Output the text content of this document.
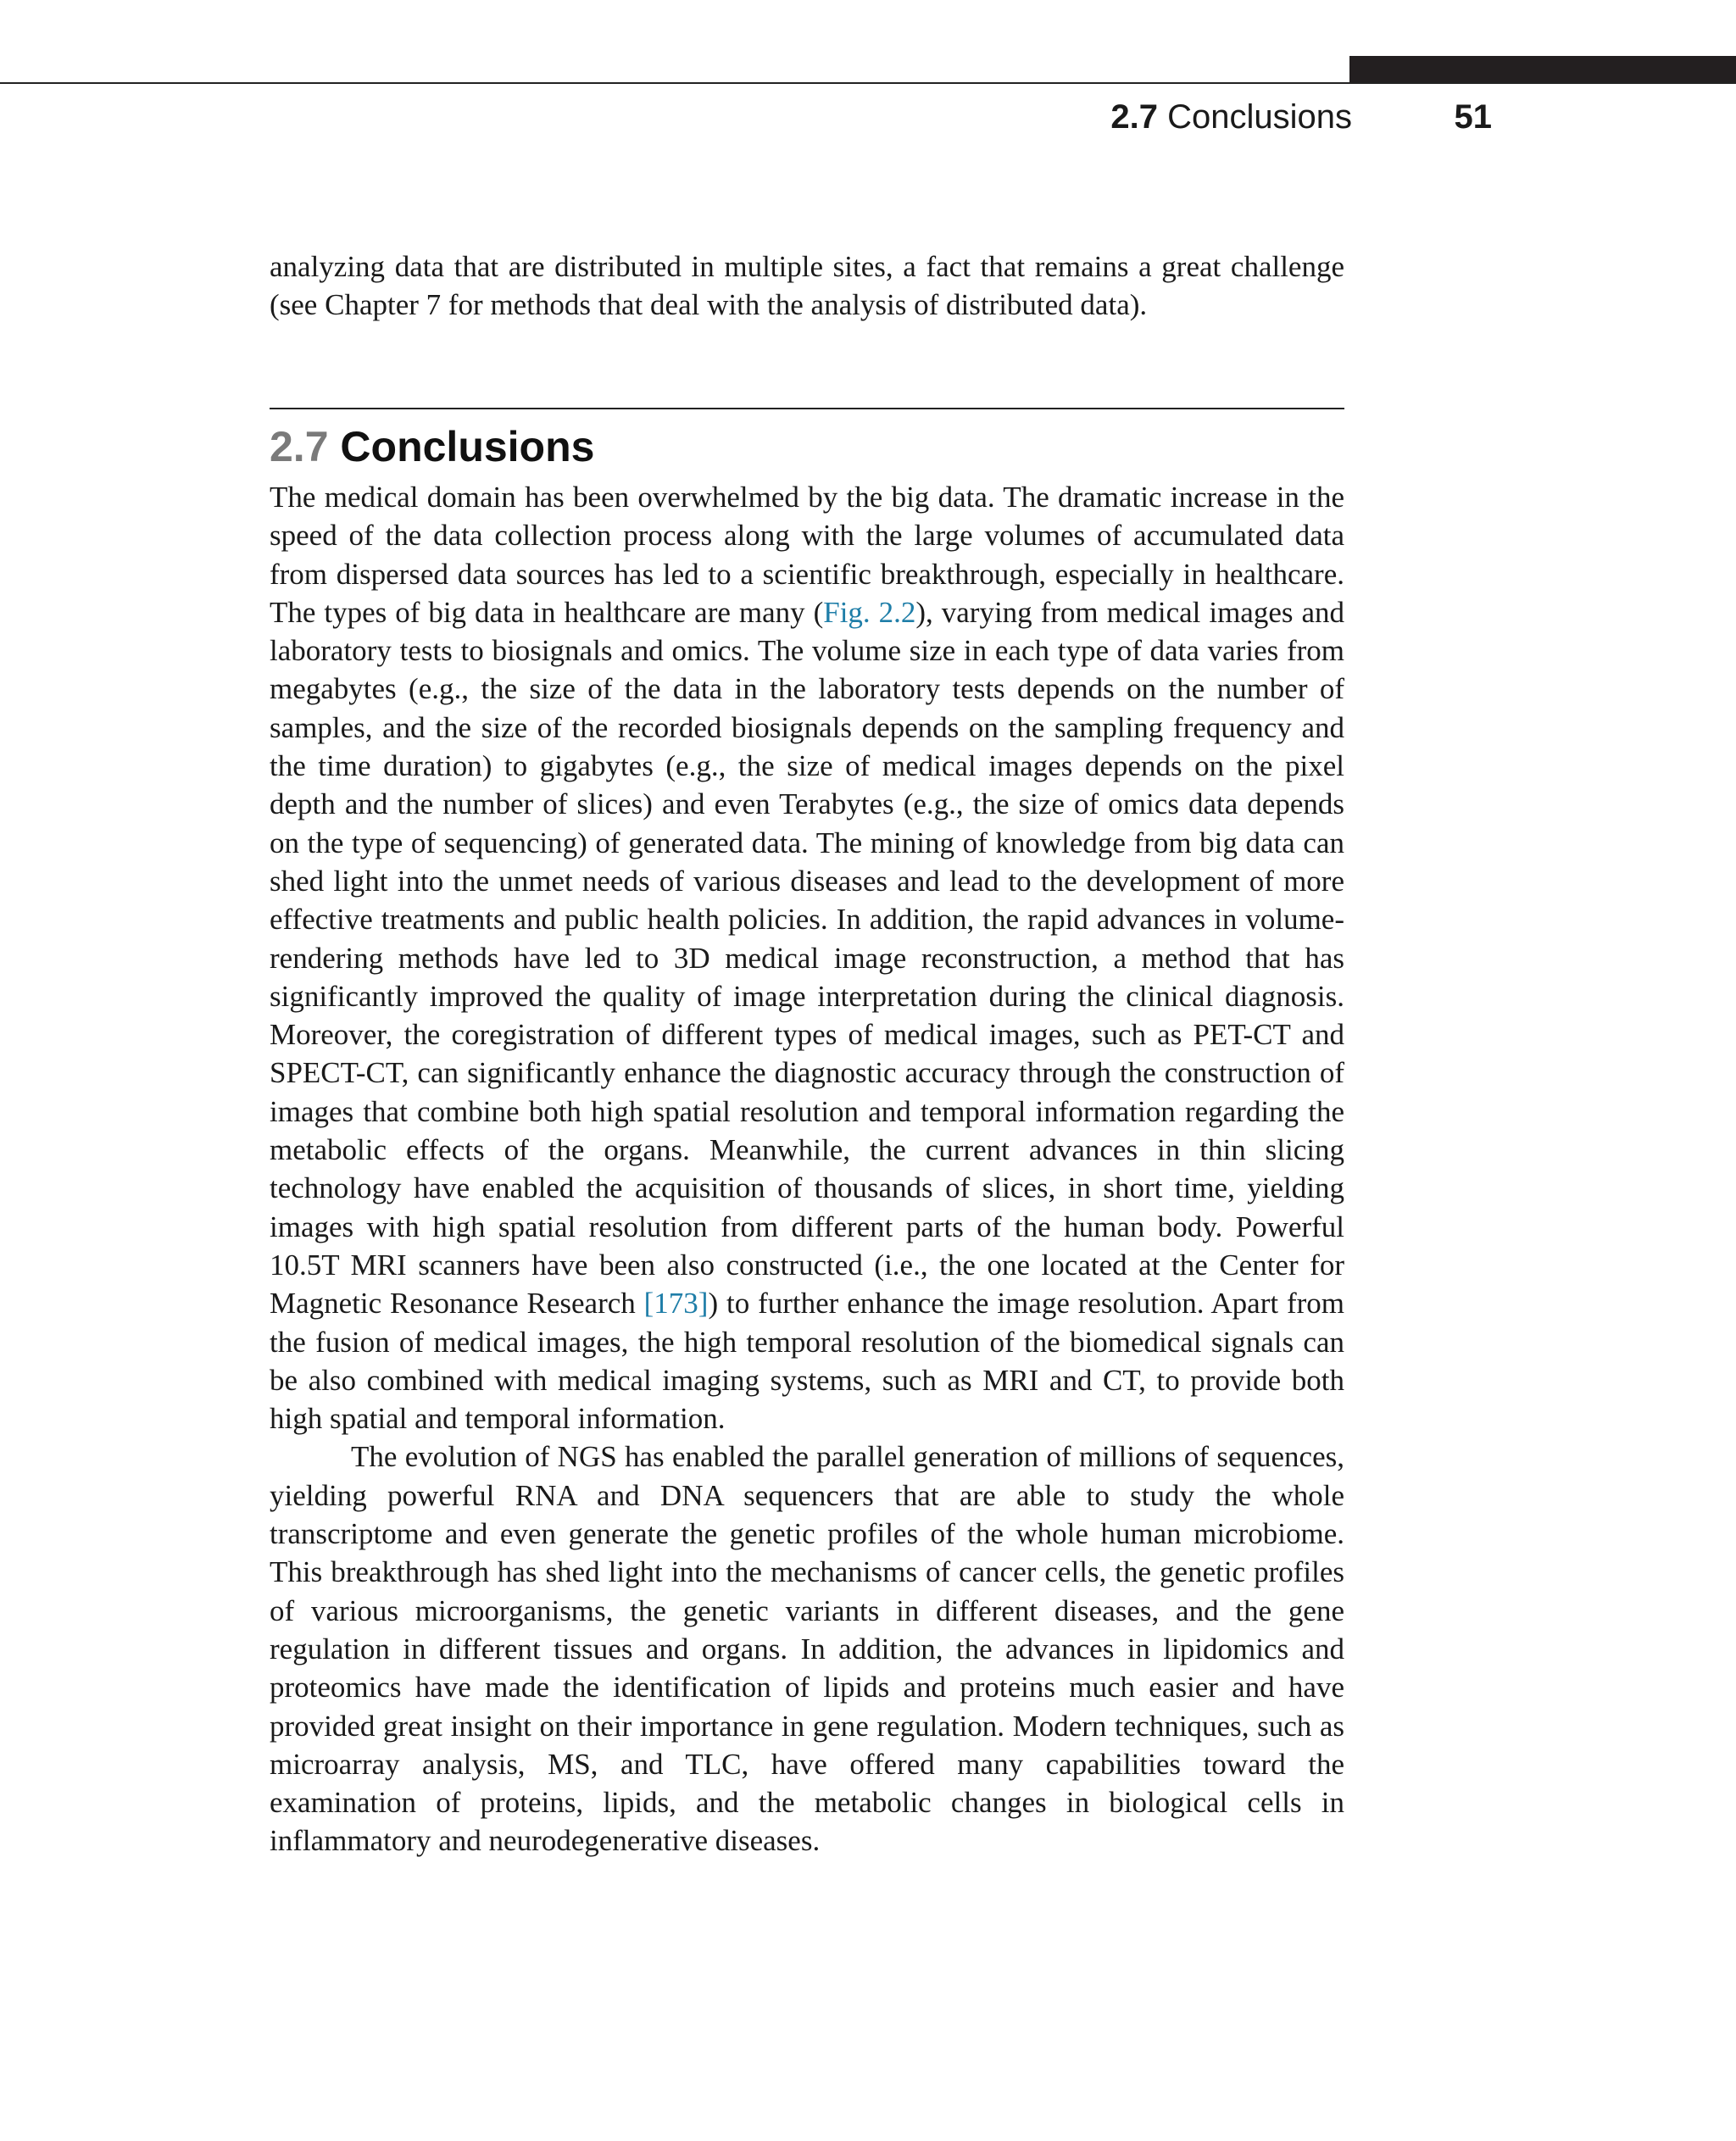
2.7 Conclusions	51

analyzing data that are distributed in multiple sites, a fact that remains a great challenge (see Chapter 7 for methods that deal with the analysis of distributed data).

2.7 Conclusions

The medical domain has been overwhelmed by the big data. The dramatic increase in the speed of the data collection process along with the large volumes of accumulated data from dispersed data sources has led to a scientific breakthrough, especially in healthcare. The types of big data in healthcare are many (Fig. 2.2), varying from medical images and laboratory tests to biosignals and omics. The volume size in each type of data varies from megabytes (e.g., the size of the data in the laboratory tests depends on the number of samples, and the size of the recorded biosignals depends on the sampling frequency and the time duration) to gigabytes (e.g., the size of medical images depends on the pixel depth and the number of slices) and even Terabytes (e.g., the size of omics data depends on the type of sequencing) of generated data. The mining of knowledge from big data can shed light into the unmet needs of various diseases and lead to the development of more effective treatments and public health policies. In addition, the rapid advances in volume-rendering methods have led to 3D medical image reconstruction, a method that has significantly improved the quality of image interpretation during the clinical diagnosis. Moreover, the coregistration of different types of medical images, such as PET-CT and SPECT-CT, can significantly enhance the diagnostic accuracy through the construction of images that combine both high spatial resolution and temporal information regarding the metabolic effects of the organs. Meanwhile, the current advances in thin slicing technology have enabled the acquisition of thousands of slices, in short time, yielding images with high spatial resolution from different parts of the human body. Powerful 10.5T MRI scanners have been also constructed (i.e., the one located at the Center for Magnetic Resonance Research [173]) to further enhance the image resolution. Apart from the fusion of medical images, the high temporal resolution of the biomedical signals can be also combined with medical imaging systems, such as MRI and CT, to provide both high spatial and temporal information.

The evolution of NGS has enabled the parallel generation of millions of sequences, yielding powerful RNA and DNA sequencers that are able to study the whole transcriptome and even generate the genetic profiles of the whole human microbiome. This breakthrough has shed light into the mechanisms of cancer cells, the genetic profiles of various microorganisms, the genetic variants in different diseases, and the gene regulation in different tissues and organs. In addition, the advances in lipidomics and proteomics have made the identification of lipids and proteins much easier and have provided great insight on their importance in gene regulation. Modern techniques, such as microarray analysis, MS, and TLC, have offered many capabilities toward the examination of proteins, lipids, and the metabolic changes in biological cells in inflammatory and neurodegenerative diseases.
